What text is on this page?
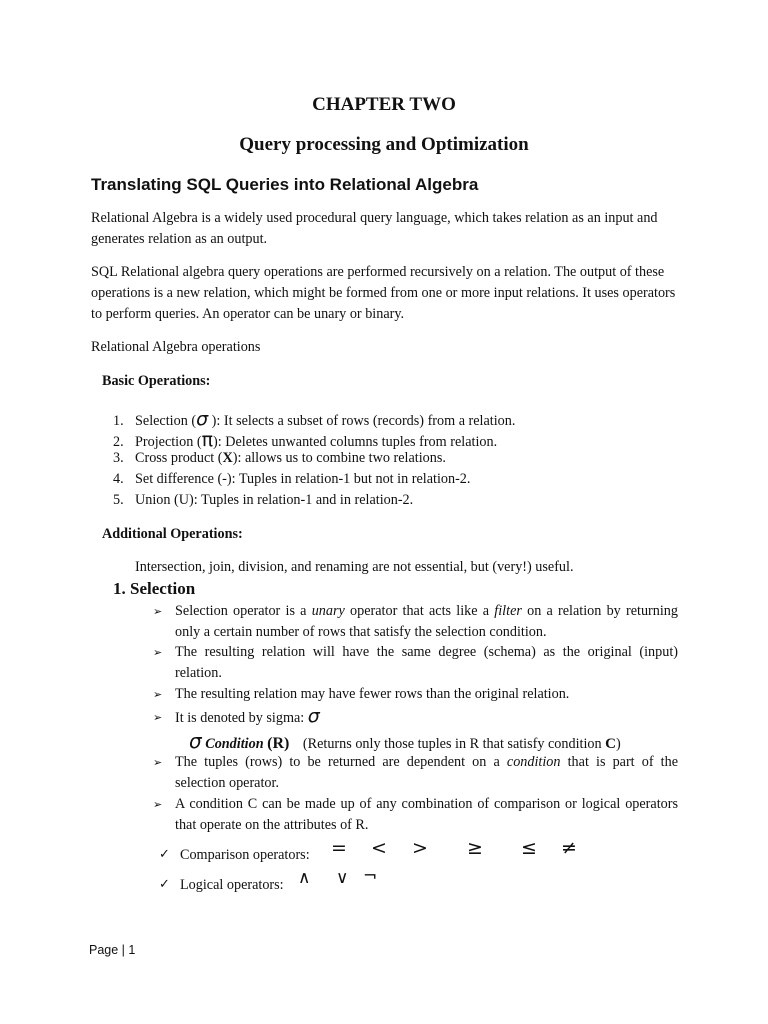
CHAPTER TWO
Query processing and Optimization
Translating SQL Queries into Relational Algebra
Relational Algebra is a widely used procedural query language, which takes relation as an input and generates relation as an output.
SQL Relational algebra query operations are performed recursively on a relation. The output of these operations is a new relation, which might be formed from one or more input relations. It uses operators to perform queries. An operator can be unary or binary.
Relational Algebra operations
Basic Operations:
1. Selection (σ ): It selects a subset of rows (records) from a relation.
2. Projection (π): Deletes unwanted columns tuples from relation.
3. Cross product (X): allows us to combine two relations.
4. Set difference (-): Tuples in relation-1 but not in relation-2.
5. Union (U): Tuples in relation-1 and in relation-2.
Additional Operations:
Intersection, join, division, and renaming are not essential, but (very!) useful.
1. Selection
➢ Selection operator is a unary operator that acts like a filter on a relation by returning only a certain number of rows that satisfy the selection condition.
➢ The resulting relation will have the same degree (schema) as the original (input) relation.
➢ The resulting relation may have fewer rows than the original relation.
➢ It is denoted by sigma: σ
σ Condition (R) (Returns only those tuples in R that satisfy condition C)
➢ The tuples (rows) to be returned are dependent on a condition that is part of the selection operator.
➢ A condition C can be made up of any combination of comparison or logical operators that operate on the attributes of R.
✓ Comparison operators: = < > ≥ ≤ ≠
✓ Logical operators: ∧ ∨ ¬
Page | 1
